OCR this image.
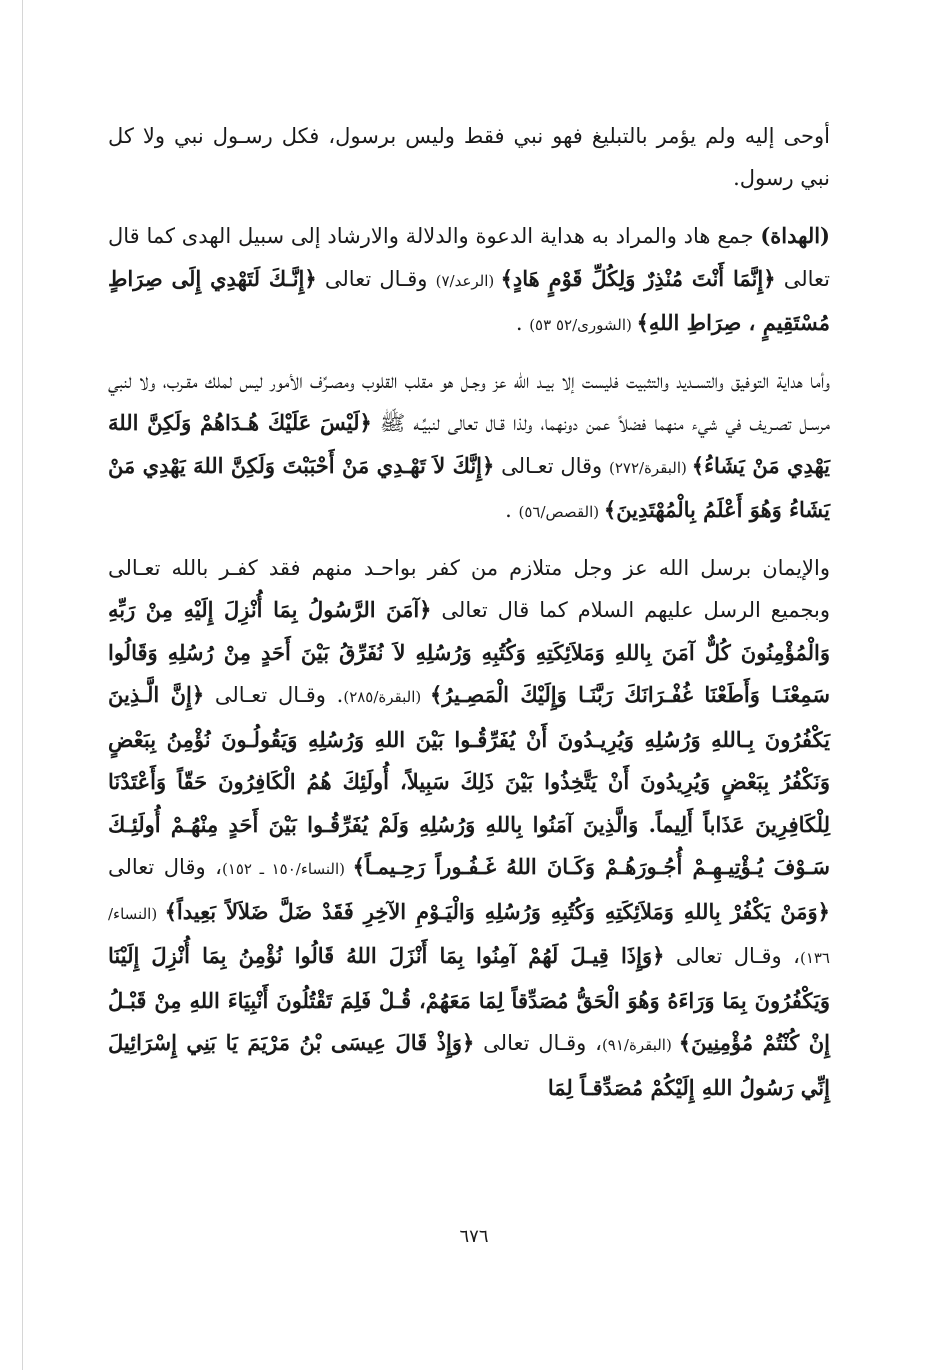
أوحى إليه ولم يؤمر بالتبليغ فهو نبي فقط وليس برسول، فكل رسـول نبي ولا كل نبي رسول.

(الهداة) جمع هاد والمراد به هداية الدعوة والدلالة والارشاد إلى سبيل الهدى كما قال تعالى ﴿إِنَّمَا أَنْتَ مُنْذِرٌ وَلِكُلِّ قَوْمٍ هَادٍ﴾ (الرعد/٧) وقـال تعالى ﴿إِنَّـكَ لَتَهْدِي إِلَى صِرَاطٍ مُسْتَقِيمٍ ، صِرَاطِ اللهِ﴾ (الشورى/٥٢ ٥٣) .

وأما هداية التوفيق والتسـديد والتثبيت فليست إلا بيـد الله عز وجـل هو مقلب القلوب ومصـرِّف الأمور ليس لملك مقـرب، ولا لنبي مرسـل تصـريف في شيء منهما فضلاً عمن دونهما، ولذا قـال تعالى لنبيِّـه ﷺ ﴿لَيْسَ عَلَيْكَ هُـدَاهُمْ وَلَكِنَّ اللهَ يَهْدِي مَنْ يَشَاءُ﴾ (البقرة/٢٧٢) وقال تعـالى ﴿إِنَّكَ لاَ تَهْـدِي مَنْ أَحْبَبْتَ وَلَكِنَّ اللهَ يَهْدِي مَنْ يَشَاءُ وَهُوَ أَعْلَمُ بِالْمُهْتَدِينَ﴾ (القصص/٥٦) .

والإيمان برسل الله عز وجل متلازم من كفر بواحـد منهم فقد كفـر بالله تعـالى وبجميع الرسل عليهم السلام كما قال تعالى ﴿آمَنَ الرَّسُولُ بِمَا أُنْزِلَ إِلَيْهِ مِنْ رَبِّهِ وَالْمُؤْمِنُونَ كُلٌّ آمَنَ بِاللهِ وَمَلاَئِكَتِهِ وَكُتُبِهِ وَرُسُلِهِ لاَ نُفَرِّقُ بَيْنَ أَحَدٍ مِنْ رُسُلِهِ وَقَالُوا سَمِعْنَـا وَأَطَعْنَا غُفْـرَانَكَ رَبَّنَـا وَإِلَيْكَ الْمَصِـيرُ﴾ (البقرة/٢٨٥). وقـال تعـالى ﴿إِنَّ الَّـذِينَ يَكْفُرُونَ بِـاللهِ وَرُسُلِهِ وَيُرِيـدُونَ أَنْ يُفَرِّقُـوا بَيْنَ اللهِ وَرُسُلِهِ وَيَقُولُـونَ نُؤْمِنُ بِبَعْضٍ وَنَكْفُرُ بِبَعْضٍ وَيُرِيدُونَ أَنْ يَتَّخِذُوا بَيْنَ ذَلِكَ سَبِيلاً، أُولَئِكَ هُمُ الْكَافِرُونَ حَقّاً وَأَعْتَدْنَا لِلْكَافِرِينَ عَذَاباً أَلِيماً. وَالَّذِينَ آمَنُوا بِاللهِ وَرُسُلِهِ وَلَمْ يُفَرِّقُـوا بَيْنَ أَحَدٍ مِنْهُـمْ أُولَئِـكَ سَـوْفَ يُـؤْتِيـهِـمْ أُجُـورَهُـمْ وَكَـانَ اللهُ غَـفُـوراً رَحِـيمـاً﴾ (النساء/١٥٠ ـ ١٥٢)، وقال تعالى ﴿وَمَنْ يَكْفُرْ بِاللهِ وَمَلاَئِكَتِهِ وَكُتُبِهِ وَرُسُلِهِ وَالْيَـوْمِ الآخِرِ فَقَدْ ضَلَّ ضَلاَلاً بَعِيداً﴾ (النساء/١٣٦)، وقـال تعالى ﴿وَإِذَا قِيـلَ لَهُمْ آمِنُوا بِمَا أَنْزَلَ اللهُ قَالُوا نُؤْمِنُ بِمَا أُنْزِلَ إِلَيْنَا وَيَكْفُرُونَ بِمَا وَرَاءَهُ وَهُوَ الْحَقُّ مُصَدِّقاً لِمَا مَعَهُمْ، قُـلْ فَلِمَ تَقْتُلُونَ أَنْبِيَاءَ اللهِ مِنْ قَبْـلُ إِنْ كُنْتُمْ مُؤْمِنِينَ﴾ (البقرة/٩١)، وقـال تعالى ﴿وَإِذْ قَالَ عِيسَى بْنُ مَرْيَمَ يَا بَنِي إِسْرَائِيلَ إِنِّي رَسُولُ اللهِ إِلَيْكُمْ مُصَدِّقـاً لِمَا

٦٧٦
